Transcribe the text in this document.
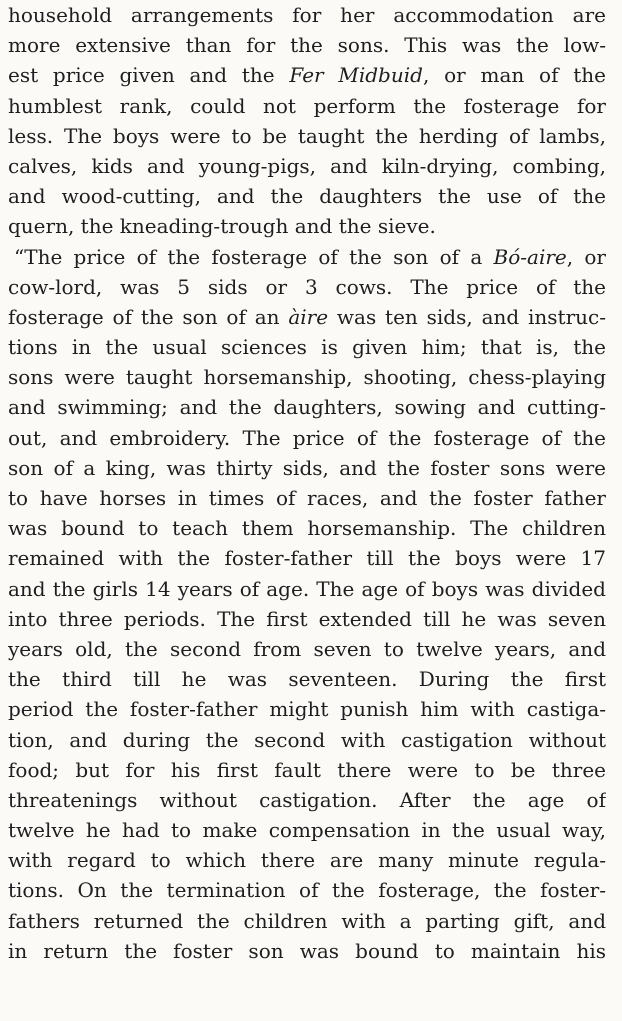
household arrangements for her accommodation are
more extensive than for the sons. This was the low-
est price given and the Fer Midbuid, or man of the
humblest rank, could not perform the fosterage for
less. The boys were to be taught the herding of lambs,
calves, kids and young-pigs, and kiln-drying, combing,
and wood-cutting, and the daughters the use of the
quern, the kneading-trough and the sieve.
“The price of the fosterage of the son of a Bó-aire, or
cow-lord, was 5 sids or 3 cows. The price of the
fosterage of the son of an àire was ten sids, and instruc-
tions in the usual sciences is given him; that is, the
sons were taught horsemanship, shooting, chess-playing
and swimming; and the daughters, sowing and cutting-
out, and embroidery. The price of the fosterage of the
son of a king, was thirty sids, and the foster sons were
to have horses in times of races, and the foster father
was bound to teach them horsemanship. The children
remained with the foster-father till the boys were 17
and the girls 14 years of age. The age of boys was divided
into three periods. The first extended till he was seven
years old, the second from seven to twelve years, and
the third till he was seventeen. During the first
period the foster-father might punish him with castiga-
tion, and during the second with castigation without
food; but for his first fault there were to be three
threatenings without castigation. After the age of
twelve he had to make compensation in the usual way,
with regard to which there are many minute regula-
tions. On the termination of the fosterage, the foster-
fathers returned the children with a parting gift, and
in return the foster son was bound to maintain his
